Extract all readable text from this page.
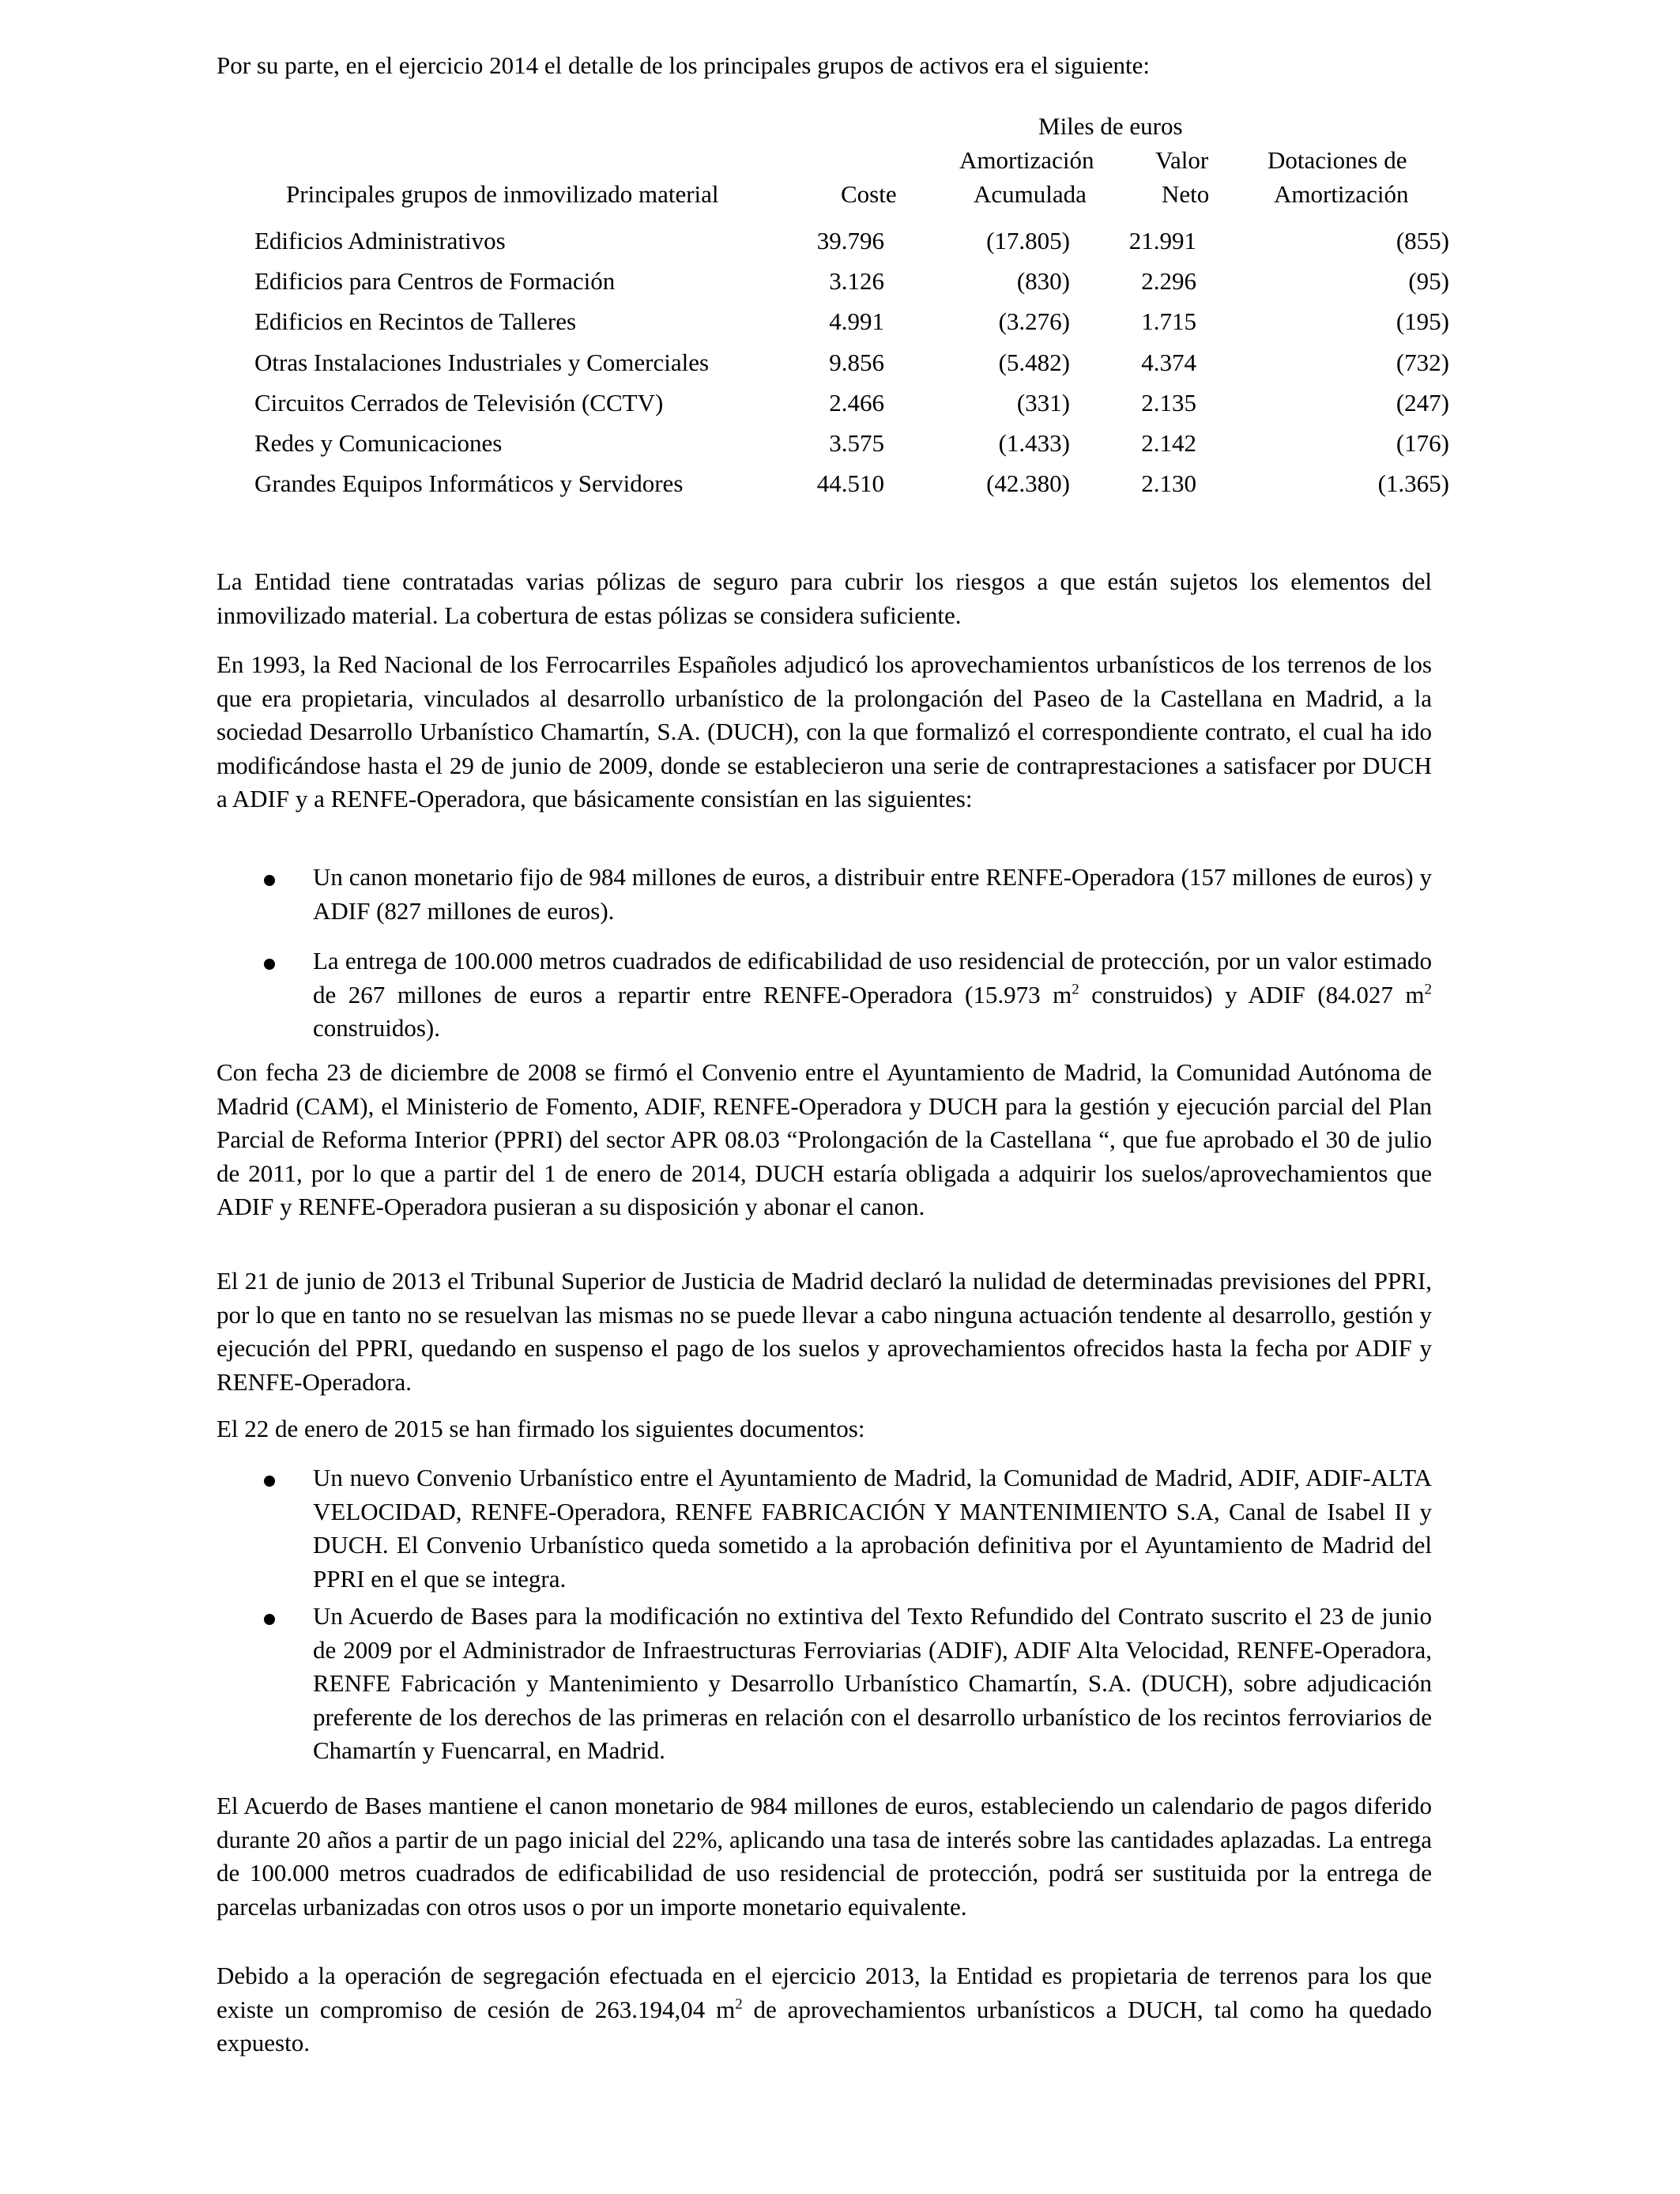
Por su parte, en el ejercicio 2014 el detalle de los principales grupos de activos era el siguiente:

Miles de euros
Amortización	Valor Dotaciones de
Principales grupos de inmovilizado material	Coste	Acumulada	Neto	Amortización
Edificios Administrativos	39.796	(17.805)	21.991	(855)
Edificios para Centros de Formación	3.126	(830)	2.296	(95)
Edificios en Recintos de Talleres	4.991	(3.276)	1.715	(195)
Otras Instalaciones Industriales y Comerciales	9.856	(5.482)	4.374	(732)
Circuitos Cerrados de Televisión (CCTV)	2.466	(331)	2.135	(247)
Redes y Comunicaciones	3.575	(1.433)	2.142	(176)
Grandes Equipos Informáticos y Servidores	44.510	(42.380)	2.130	(1.365)

La Entidad tiene contratadas varias pólizas de seguro para cubrir los riesgos a que están sujetos los elementos del inmovilizado material. La cobertura de estas pólizas se considera suficiente.

En 1993, la Red Nacional de los Ferrocarriles Españoles adjudicó los aprovechamientos urbanísticos de los terrenos de los que era propietaria, vinculados al desarrollo urbanístico de la prolongación del Paseo de la Castellana en Madrid, a la sociedad Desarrollo Urbanístico Chamartín, S.A. (DUCH), con la que formalizó el correspondiente contrato, el cual ha ido modificándose hasta el 29 de junio de 2009, donde se establecieron una serie de contraprestaciones a satisfacer por DUCH a ADIF y a RENFE-Operadora, que básicamente consistían en las siguientes:

Un canon monetario fijo de 984 millones de euros, a distribuir entre RENFE-Operadora (157 millones de euros) y ADIF (827 millones de euros).

La entrega de 100.000 metros cuadrados de edificabilidad de uso residencial de protección, por un valor estimado de 267 millones de euros a repartir entre RENFE-Operadora (15.973 $m^2$ construidos) y ADIF (84.027 $m^2$ construidos).

Con fecha 23 de diciembre de 2008 se firmó el Convenio entre el Ayuntamiento de Madrid, la Comunidad Autónoma de Madrid (CAM), el Ministerio de Fomento, ADIF, RENFE-Operadora y DUCH para la gestión y ejecución parcial del Plan Parcial de Reforma Interior (PPRI) del sector APR 08.03 “Prolongación de la Castellana “, que fue aprobado el 30 de julio de 2011, por lo que a partir del 1 de enero de 2014, DUCH estaría obligada a adquirir los suelos/aprovechamientos que ADIF y RENFE-Operadora pusieran a su disposición y abonar el canon.

El 21 de junio de 2013 el Tribunal Superior de Justicia de Madrid declaró la nulidad de determinadas previsiones del PPRI, por lo que en tanto no se resuelvan las mismas no se puede llevar a cabo ninguna actuación tendente al desarrollo, gestión y ejecución del PPRI, quedando en suspenso el pago de los suelos y aprovechamientos ofrecidos hasta la fecha por ADIF y RENFE-Operadora.

El 22 de enero de 2015 se han firmado los siguientes documentos:

Un nuevo Convenio Urbanístico entre el Ayuntamiento de Madrid, la Comunidad de Madrid, ADIF, ADIF-ALTA VELOCIDAD, RENFE-Operadora, RENFE FABRICACIÓN Y MANTENIMIENTO S.A, Canal de Isabel II y DUCH. El Convenio Urbanístico queda sometido a la aprobación definitiva por el Ayuntamiento de Madrid del PPRI en el que se integra.

Un Acuerdo de Bases para la modificación no extintiva del Texto Refundido del Contrato suscrito el 23 de junio de 2009 por el Administrador de Infraestructuras Ferroviarias (ADIF), ADIF Alta Velocidad, RENFE-Operadora, RENFE Fabricación y Mantenimiento y Desarrollo Urbanístico Chamartín, S.A. (DUCH), sobre adjudicación preferente de los derechos de las primeras en relación con el desarrollo urbanístico de los recintos ferroviarios de Chamartín y Fuencarral, en Madrid.

El Acuerdo de Bases mantiene el canon monetario de 984 millones de euros, estableciendo un calendario de pagos diferido durante 20 años a partir de un pago inicial del 22%, aplicando una tasa de interés sobre las cantidades aplazadas. La entrega de 100.000 metros cuadrados de edificabilidad de uso residencial de protección, podrá ser sustituida por la entrega de parcelas urbanizadas con otros usos o por un importe monetario equivalente.

Debido a la operación de segregación efectuada en el ejercicio 2013, la Entidad es propietaria de terrenos para los que existe un compromiso de cesión de 263.194,04 $m^2$ de aprovechamientos urbanísticos a DUCH, tal como ha quedado expuesto.
